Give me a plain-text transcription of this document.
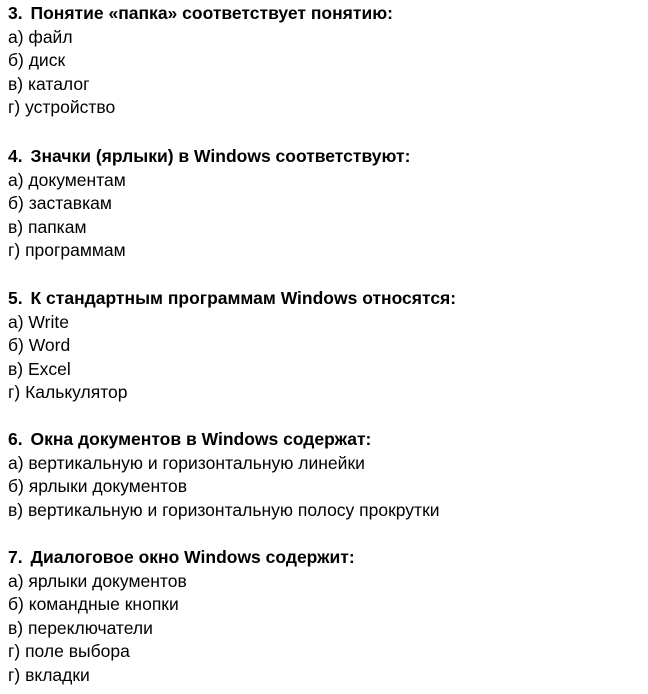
3. Понятие «папка» соответствует понятию:
а) файл
б) диск
в) каталог
г) устройство
4. Значки (ярлыки) в Windows соответствуют:
а) документам
б) заставкам
в) папкам
г) программам
5. К стандартным программам Windows относятся:
а) Write
б) Word
в) Excel
г) Калькулятор
6. Окна документов в Windows содержат:
а) вертикальную и горизонтальную линейки
б) ярлыки документов
в) вертикальную и горизонтальную полосу прокрутки
7. Диалоговое окно Windows содержит:
а) ярлыки документов
б) командные кнопки
в) переключатели
г) поле выбора
г) вкладки
